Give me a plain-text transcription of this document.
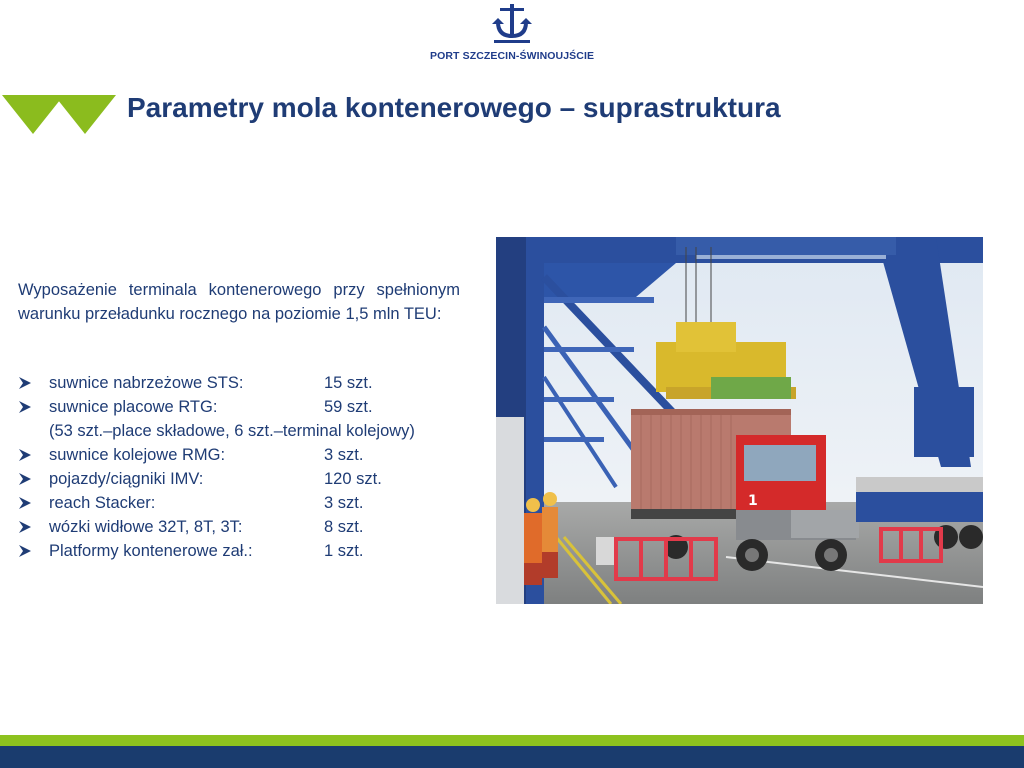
PORT SZCZECIN-ŚWINOUJŚCIE
Parametry mola kontenerowego – suprastruktura
Wyposażenie terminala kontenerowego przy spełnionym warunku przeładunku rocznego na poziomie 1,5 mln TEU:
suwnice nabrzeżowe STS:	15 szt.
suwnice placowe RTG:	59 szt.
(53 szt.–place składowe, 6 szt.–terminal kolejowy)
suwnice kolejowe RMG:	3 szt.
pojazdy/ciągniki IMV:	120 szt.
reach Stacker:	3 szt.
wózki widłowe 32T, 8T, 3T:	8 szt.
Platformy kontenerowe zał.:	1 szt.
1
